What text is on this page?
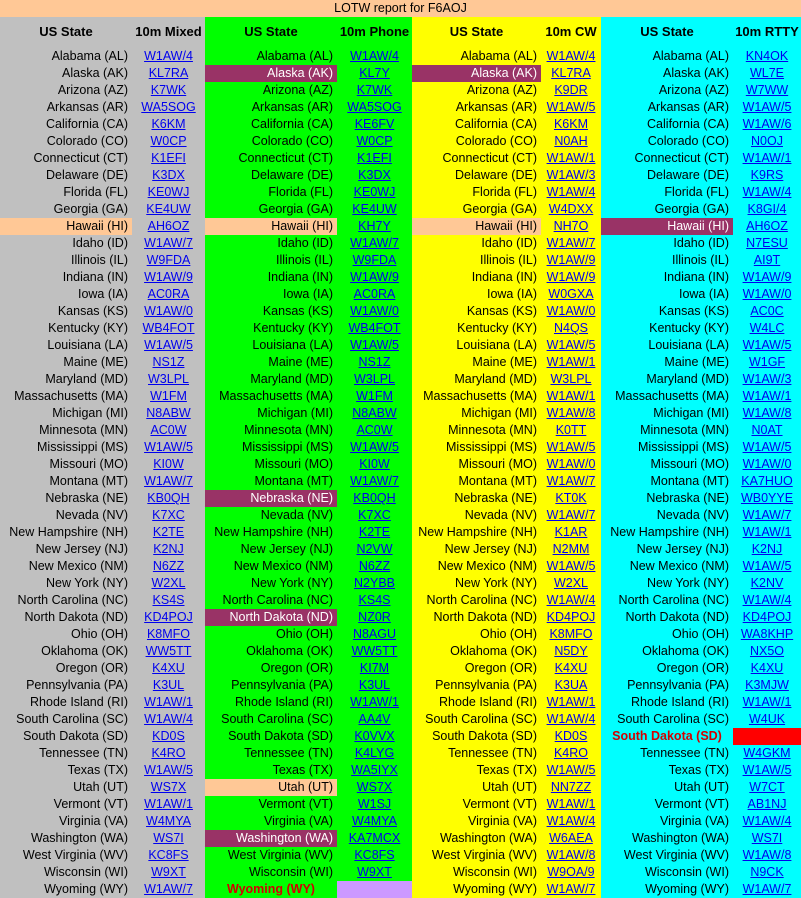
LOTW report for F6AOJ
US State	10m Mixed
Alabama (AL)	W1AW/4
Alaska (AK)	KL7RA
Arizona (AZ)	K7WK
Arkansas (AR)	WA5SOG
California (CA)	K6KM
Colorado (CO)	W0CP
Connecticut (CT)	K1EFI
Delaware (DE)	K3DX
Florida (FL)	KE0WJ
Georgia (GA)	KE4UW
Hawaii (HI)	AH6OZ
Idaho (ID)	W1AW/7
Illinois (IL)	W9FDA
Indiana (IN)	W1AW/9
Iowa (IA)	AC0RA
Kansas (KS)	W1AW/0
Kentucky (KY)	WB4FOT
Louisiana (LA)	W1AW/5
Maine (ME)	NS1Z
Maryland (MD)	W3LPL
Massachusetts (MA)	W1FM
Michigan (MI)	N8ABW
Minnesota (MN)	AC0W
Mississippi (MS)	W1AW/5
Missouri (MO)	KI0W
Montana (MT)	W1AW/7
Nebraska (NE)	KB0QH
Nevada (NV)	K7XC
New Hampshire (NH)	K2TE
New Jersey (NJ)	K2NJ
New Mexico (NM)	N6ZZ
New York (NY)	W2XL
North Carolina (NC)	KS4S
North Dakota (ND)	KD4POJ
Ohio (OH)	K8MFO
Oklahoma (OK)	WW5TT
Oregon (OR)	K4XU
Pennsylvania (PA)	K3UL
Rhode Island (RI)	W1AW/1
South Carolina (SC)	W1AW/4
South Dakota (SD)	KD0S
Tennessee (TN)	K4RO
Texas (TX)	W1AW/5
Utah (UT)	WS7X
Vermont (VT)	W1AW/1
Virginia (VA)	W4MYA
Washington (WA)	WS7I
West Virginia (WV)	KC8FS
Wisconsin (WI)	W9XT
Wyoming (WY)	W1AW/7
US State	10m Phone
Alabama (AL)	W1AW/4
Alaska (AK)	KL7Y
Arizona (AZ)	K7WK
Arkansas (AR)	WA5SOG
California (CA)	KE6FV
Colorado (CO)	W0CP
Connecticut (CT)	K1EFI
Delaware (DE)	K3DX
Florida (FL)	KE0WJ
Georgia (GA)	KE4UW
Hawaii (HI)	KH7Y
Idaho (ID)	W1AW/7
Illinois (IL)	W9FDA
Indiana (IN)	W1AW/9
Iowa (IA)	AC0RA
Kansas (KS)	W1AW/0
Kentucky (KY)	WB4FOT
Louisiana (LA)	W1AW/5
Maine (ME)	NS1Z
Maryland (MD)	W3LPL
Massachusetts (MA)	W1FM
Michigan (MI)	N8ABW
Minnesota (MN)	AC0W
Mississippi (MS)	W1AW/5
Missouri (MO)	KI0W
Montana (MT)	W1AW/7
Nebraska (NE)	KB0QH
Nevada (NV)	K7XC
New Hampshire (NH)	K2TE
New Jersey (NJ)	N2VW
New Mexico (NM)	N6ZZ
New York (NY)	N2YBB
North Carolina (NC)	KS4S
North Dakota (ND)	NZ0R
Ohio (OH)	N8AGU
Oklahoma (OK)	WW5TT
Oregon (OR)	KI7M
Pennsylvania (PA)	K3UL
Rhode Island (RI)	W1AW/1
South Carolina (SC)	AA4V
South Dakota (SD)	K0VVX
Tennessee (TN)	K4LYG
Texas (TX)	WA5IYX
Utah (UT)	WS7X
Vermont (VT)	W1SJ
Virginia (VA)	W4MYA
Washington (WA)	KA7MCX
West Virginia (WV)	KC8FS
Wisconsin (WI)	W9XT
Wyoming (WY)
US State	10m CW
Alabama (AL) W1AW/4
Alaska (AK)	KL7RA
Arizona (AZ)	K9DR
Arkansas (AR) W1AW/5
California (CA)	K6KM
Colorado (CO)	N0AH
Connecticut (CT) W1AW/1
Delaware (DE) W1AW/3
Florida (FL) W1AW/4
Georgia (GA) W4DXX
Hawaii (HI)	NH7O
Idaho (ID) W1AW/7
Illinois (IL) W1AW/9
Indiana (IN) W1AW/9
Iowa (IA) W0GXA
Kansas (KS) W1AW/0
Kentucky (KY)	N4QS
Louisiana (LA) W1AW/5
Maine (ME) W1AW/1
Maryland (MD)	W3LPL
Massachusetts (MA) W1AW/1
Michigan (MI) W1AW/8
Minnesota (MN)	K0TT
Mississippi (MS) W1AW/5
Missouri (MO) W1AW/0
Montana (MT) W1AW/7
Nebraska (NE)	KT0K
Nevada (NV) W1AW/7
New Hampshire (NH)	K1AR
New Jersey (NJ)	N2MM
New Mexico (NM) W1AW/5
New York (NY)	W2XL
North Carolina (NC) W1AW/4
North Dakota (ND) KD4POJ
Ohio (OH) K8MFO
Oklahoma (OK)	N5DY
Oregon (OR)	K4XU
Pennsylvania (PA)	K3UA
Rhode Island (RI) W1AW/1
South Carolina (SC) W1AW/4
South Dakota (SD)	KD0S
Tennessee (TN)	K4RO
Texas (TX) W1AW/5
Utah (UT)	NN7ZZ
Vermont (VT) W1AW/1
Virginia (VA) W1AW/4
Washington (WA) W6AEA
West Virginia (WV) W1AW/8
Wisconsin (WI) W9OA/9
Wyoming (WY) W1AW/7
US State	10m RTTY
Alabama (AL)	KN4OK
Alaska (AK)	WL7E
Arizona (AZ)	W7WW
Arkansas (AR)	W1AW/5
California (CA)	W1AW/6
Colorado (CO)	N0OJ
Connecticut (CT)	W1AW/1
Delaware (DE)	K9RS
Florida (FL)	W1AW/4
Georgia (GA)	K8GI/4
Hawaii (HI)	AH6OZ
Idaho (ID)	N7ESU
Illinois (IL)	AI9T
Indiana (IN)	W1AW/9
Iowa (IA)	W1AW/0
Kansas (KS)	AC0C
Kentucky (KY)	W4LC
Louisiana (LA)	W1AW/5
Maine (ME)	W1GF
Maryland (MD)	W1AW/3
Massachusetts (MA)	W1AW/1
Michigan (MI)	W1AW/8
Minnesota (MN)	N0AT
Mississippi (MS)	W1AW/5
Missouri (MO)	W1AW/0
Montana (MT) KA7HUO
Nebraska (NE) WB0YYE
Nevada (NV)	W1AW/7
New Hampshire (NH)	W1AW/1
New Jersey (NJ)	K2NJ
New Mexico (NM)	W1AW/5
New York (NY)	K2NV
North Carolina (NC)	W1AW/4
North Dakota (ND)	KD4POJ
Ohio (OH) WA8KHP
Oklahoma (OK)	NX5O
Oregon (OR)	K4XU
Pennsylvania (PA)	K3MJW
Rhode Island (RI)	W1AW/1
South Carolina (SC)	W4UK
South Dakota (SD)
Tennessee (TN)	W4GKM
Texas (TX)	W1AW/5
Utah (UT)	W7CT
Vermont (VT)	AB1NJ
Virginia (VA)	W1AW/4
Washington (WA)	WS7I
West Virginia (WV)	W1AW/8
Wisconsin (WI)	N9CK
Wyoming (WY)	W1AW/7
